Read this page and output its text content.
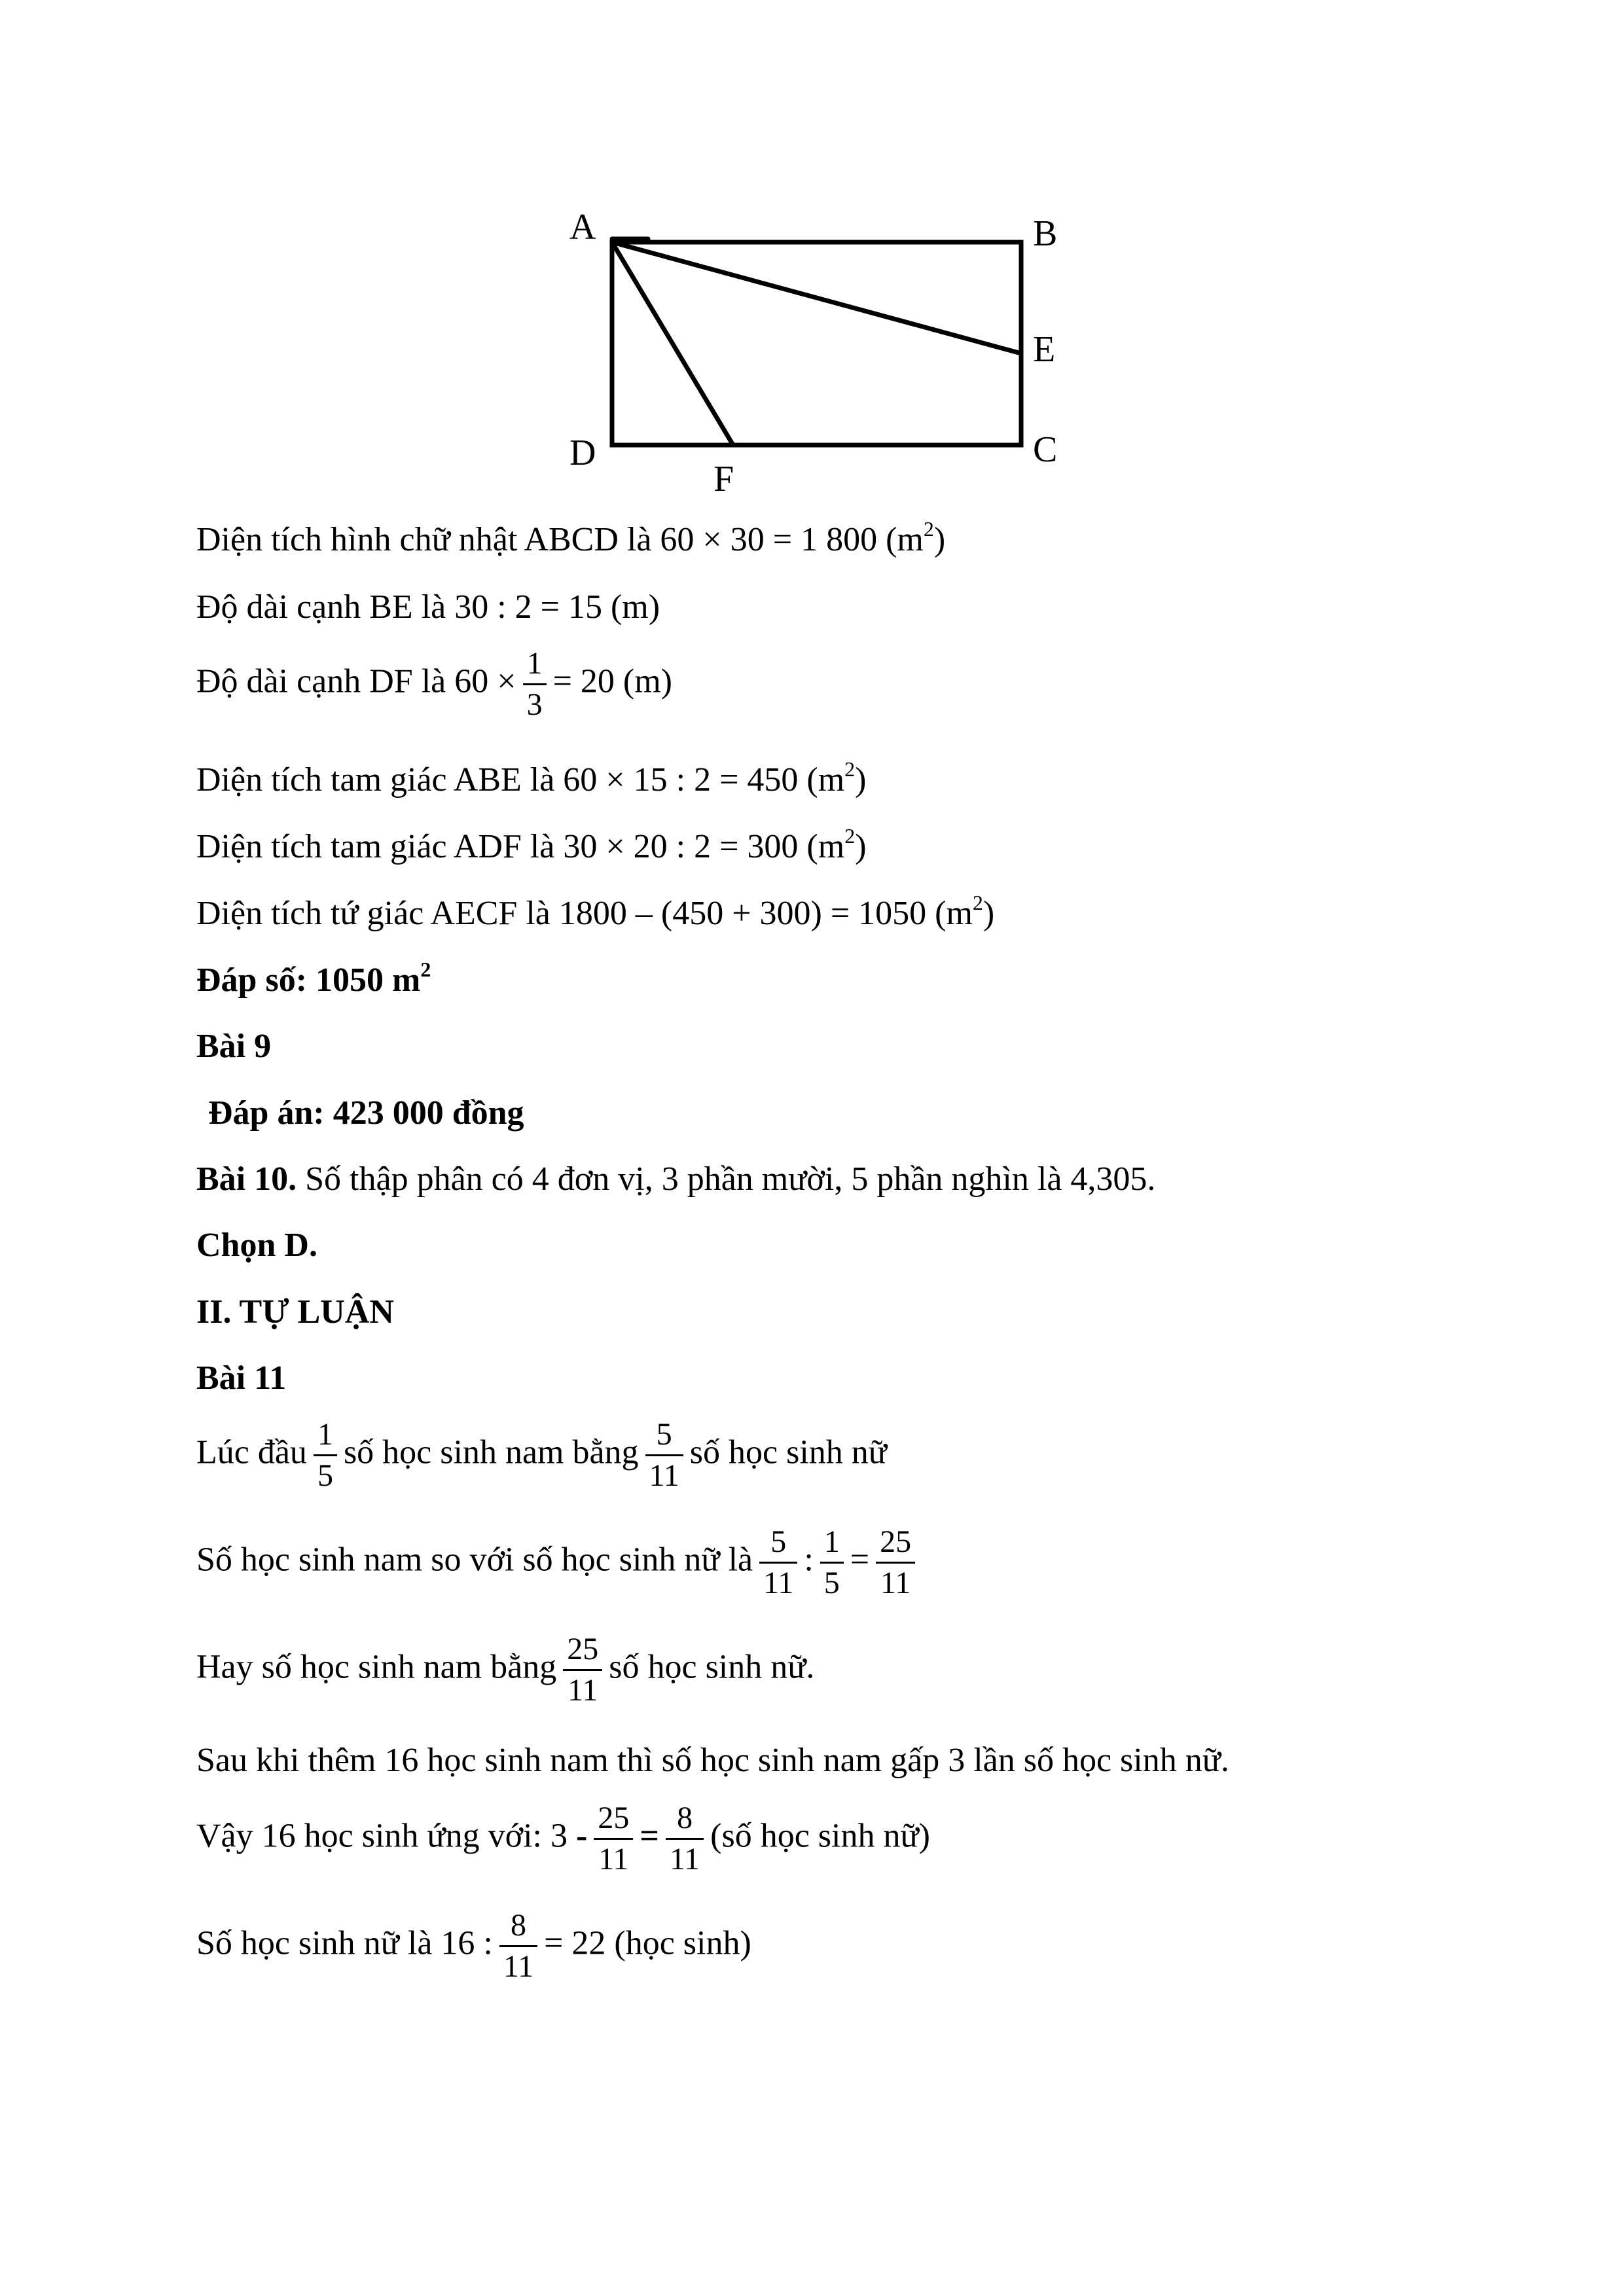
A	B
E
D
F
C
Diện tích hình chữ nhật ABCD là 60 × 30 = 1 800 $(m^2)$
Độ dài cạnh BE là 30 : 2 = 15 (m)
Độ dài cạnh DF là $60 \times \frac{1}{3} = 20$ (m)
Diện tích tam giác ABE là 60 × 15 : 2 = 450 $(m^2)$
Diện tích tam giác ADF là 30 × 20 : 2 = 300 $(m^2)$
Diện tích tứ giác AECF là 1800 – (450 + 300) = 1050 $(m^2)$
Đáp số: 1050 $m^2$
Bài 9
Đáp án: 423 000 đồng
Bài 10. Số thập phân có 4 đơn vị, 3 phần mười, 5 phần nghìn là 4,305.
Chọn D.
II. TỰ LUẬN
Bài 11
Lúc đầu $\frac{1}{5}$ số học sinh nam bằng $\frac{5}{11}$ số học sinh nữ
Số học sinh nam so với số học sinh nữ là $\frac{5}{11}$ : $\frac{1}{5} = \frac{25}{11}$
Hay số học sinh nam bằng $\frac{25}{11}$ số học sinh nữ.
Sau khi thêm 16 học sinh nam thì số học sinh nam gấp 3 lần số học sinh nữ.
Vậy 16 học sinh ứng với: $3 - \frac{25}{11} = \frac{8}{11}$ (số học sinh nữ)
Số học sinh nữ là 16 : $\frac{8}{11} = 22$ (học sinh)
